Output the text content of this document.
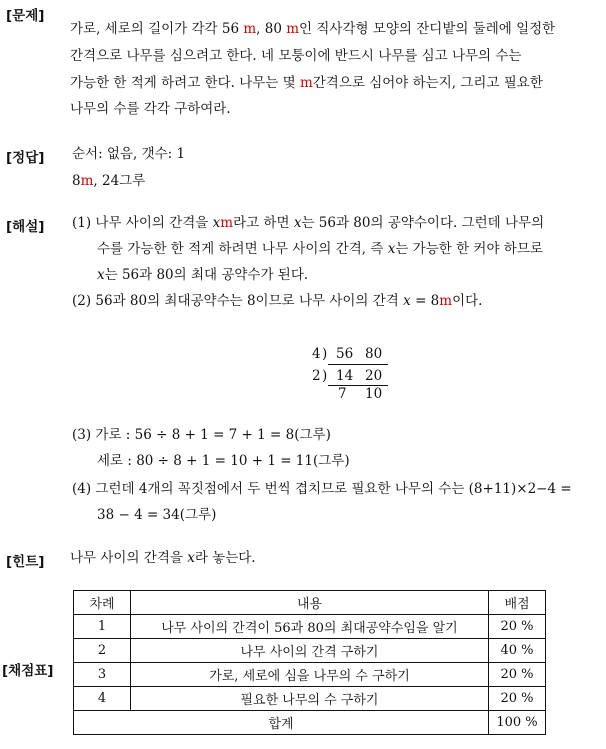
[문제]
[정답]
[해설]
[힌트]
[채점표]
가로, 세로의 길이가 각각 56 m, 80 m인 직사각형 모양의 잔디밭의 둘레에 일정한
간격으로 나무를 심으려고 한다. 네 모퉁이에 반드시 나무를 심고 나무의 수는
가능한 한 적게 하려고 한다. 나무는 몇 m간격으로 심어야 하는지, 그리고 필요한
나무의 수를 각각 구하여라.
순서: 없음, 갯수: 1
8m, 24그루
(1) 나무 사이의 간격을 xm라고 하면 x는 56과 80의 공약수이다. 그런데 나무의
수를 가능한 한 적게 하려면 나무 사이의 간격, 즉 x는 가능한 한 커야 하므로
x는 56과 80의 최대 공약수가 된다.
(2) 56과 80의 최대공약수는 8이므로 나무 사이의 간격 x = 8m이다.
4 ) 56 80
2 ) 14 20
7 10
(3) 가로 : 56 ÷ 8 + 1 = 7 + 1 = 8(그루)
세로 : 80 ÷ 8 + 1 = 10 + 1 = 11(그루)
(4) 그런데 4개의 꼭짓점에서 두 번씩 겹치므로 필요한 나무의 수는 (8+11)×2−4 =
38 − 4 = 34(그루)
나무 사이의 간격을 x라 놓는다.
차례	내용	배점
1	나무 사이의 간격이 56과 80의 최대공약수임을 알기	20 %
2	나무 사이의 간격 구하기	40 %
3	가로, 세로에 심을 나무의 수 구하기	20 %
4	필요한 나무의 수 구하기	20 %
합계		100 %
